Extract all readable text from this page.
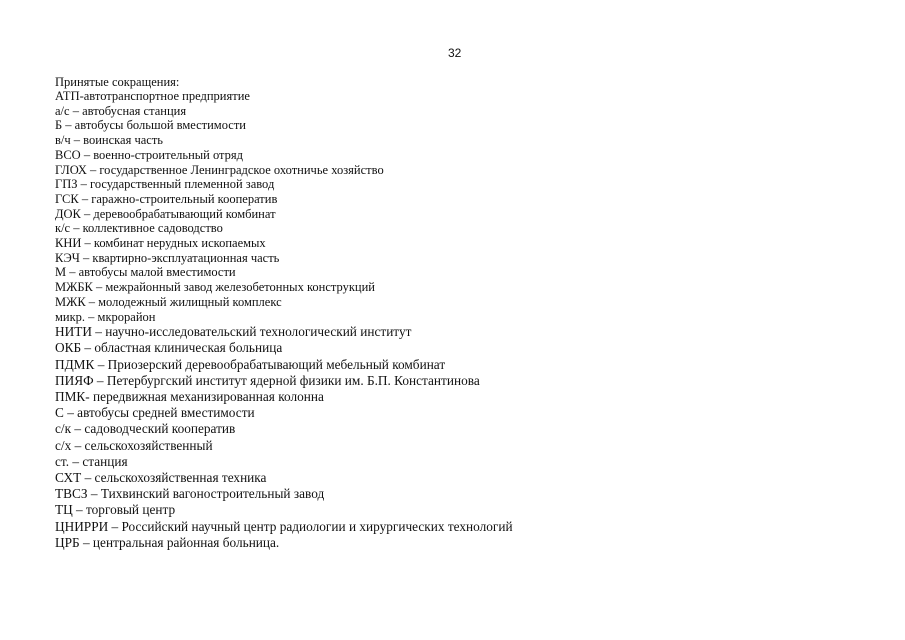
32

Принятые сокращения:

АТП-автотранспортное предприятие
а/с – автобусная станция
Б – автобусы большой вместимости
в/ч – воинская часть
ВСО – военно-строительный отряд
ГЛОХ – государственное Ленинградское охотничье хозяйство
ГПЗ – государственный племенной завод
ГСК – гаражно-строительный кооператив
ДОК – деревообрабатывающий комбинат
к/с – коллективное садоводство
КНИ – комбинат нерудных ископаемых
КЭЧ – квартирно-эксплуатационная часть
М – автобусы малой вместимости
МЖБК – межрайонный завод железобетонных конструкций
МЖК – молодежный жилищный комплекс
микр. – мкрорайон
НИТИ – научно-исследовательский технологический институт
ОКБ – областная клиническая больница
ПДМК – Приозерский деревообрабатывающий мебельный комбинат
ПИЯФ – Петербургский институт ядерной физики им. Б.П. Константинова
ПМК- передвижная механизированная колонна
С – автобусы средней вместимости
с/к – садоводческий кооператив
с/х – сельскохозяйственный
ст. – станция
СХТ – сельскохозяйственная техника
ТВСЗ – Тихвинский вагоностроительный завод
ТЦ – торговый центр
ЦНИРРИ – Российский научный центр радиологии и хирургических технологий
ЦРБ – центральная районная больница.
